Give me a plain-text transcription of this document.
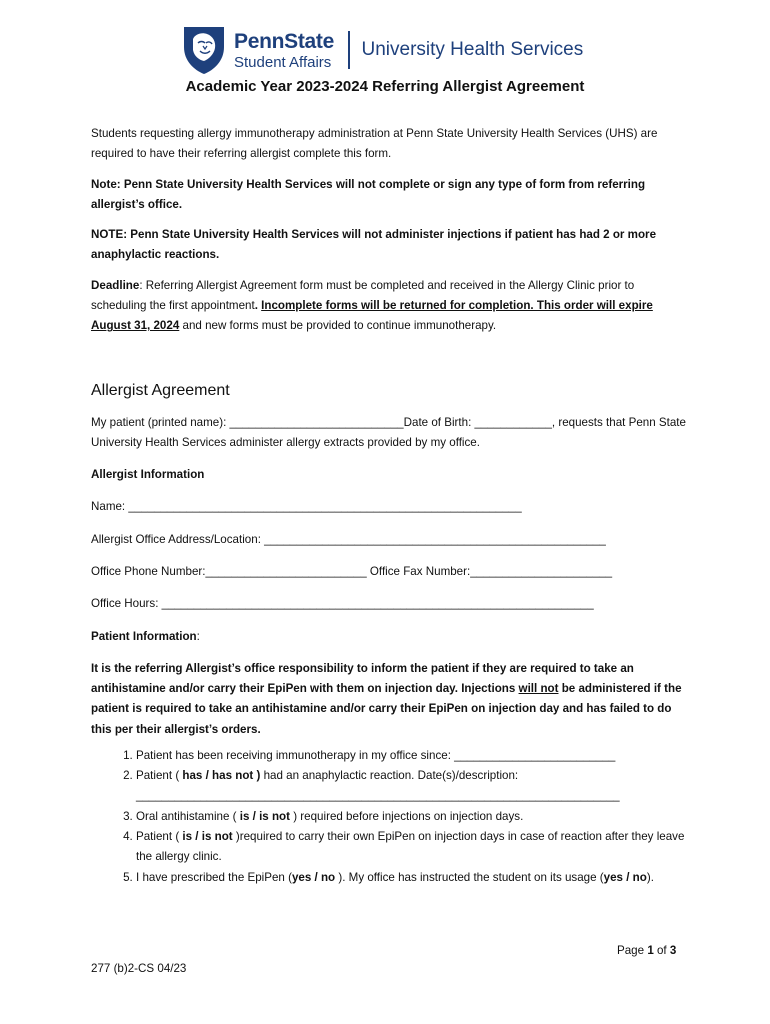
PennState
Student Affairs
University Health Services
Academic Year 2023-2024 Referring Allergist Agreement

Students requesting allergy immunotherapy administration at Penn State University Health Services (UHS) are required to have their referring allergist complete this form.

Note: Penn State University Health Services will not complete or sign any type of form from referring allergist’s office.

NOTE: Penn State University Health Services will not administer injections if patient has had 2 or more anaphylactic reactions.

Deadline: Referring Allergist Agreement form must be completed and received in the Allergy Clinic prior to scheduling the first appointment. Incomplete forms will be returned for completion. This order will expire August 31, 2024 and new forms must be provided to continue immunotherapy.

Allergist Agreement

My patient (printed name): ___________________________Date of Birth: ____________, requests that Penn State University Health Services administer allergy extracts provided by my office.

Allergist Information

Name: _____________________________________________________________

Allergist Office Address/Location: _____________________________________________________

Office Phone Number:_________________________ Office Fax Number:______________________

Office Hours: ___________________________________________________________________

Patient Information:

It is the referring Allergist’s office responsibility to inform the patient if they are required to take an antihistamine and/or carry their EpiPen with them on injection day. Injections will not be administered if the patient is required to take an antihistamine and/or carry their EpiPen on injection day and has failed to do this per their allergist’s orders.

1. Patient has been receiving immunotherapy in my office since: _________________________
2. Patient ( has / has not ) had an anaphylactic reaction. Date(s)/description: ___________________________________________________________________________
3. Oral antihistamine ( is / is not ) required before injections on injection days.
4. Patient ( is / is not )required to carry their own EpiPen on injection days in case of reaction after they leave the allergy clinic.
5. I have prescribed the EpiPen (yes / no ). My office has instructed the student on its usage (yes / no).
Page 1 of 3
277 (b)2-CS 04/23
